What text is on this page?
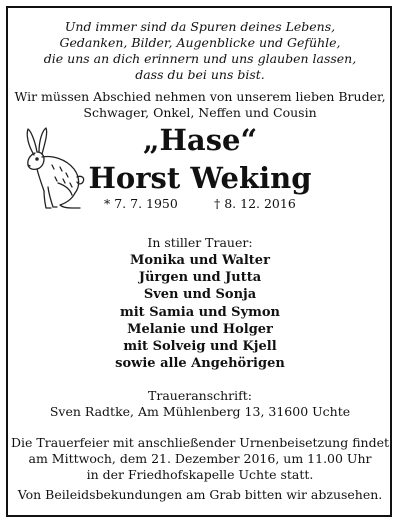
Und immer sind da Spuren deines Lebens,
Gedanken, Bilder, Augenblicke und Gefühle,
die uns an dich erinnern und uns glauben lassen,
dass du bei uns bist.
Wir müssen Abschied nehmen von unserem lieben Bruder,
Schwager, Onkel, Neffen und Cousin
„Hase“
Horst Weking
* 7. 7. 1950	† 8. 12. 2016
In stiller Trauer:
Monika und Walter
Jürgen und Jutta
Sven und Sonja
mit Samia und Symon
Melanie und Holger
mit Solveig und Kjell
sowie alle Angehörigen
Traueranschrift:
Sven Radtke, Am Mühlenberg 13, 31600 Uchte
Die Trauerfeier mit anschließender Urnenbeisetzung findet
am Mittwoch, dem 21. Dezember 2016, um 11.00 Uhr
in der Friedhofskapelle Uchte statt.
Von Beileidsbekundungen am Grab bitten wir abzusehen.
